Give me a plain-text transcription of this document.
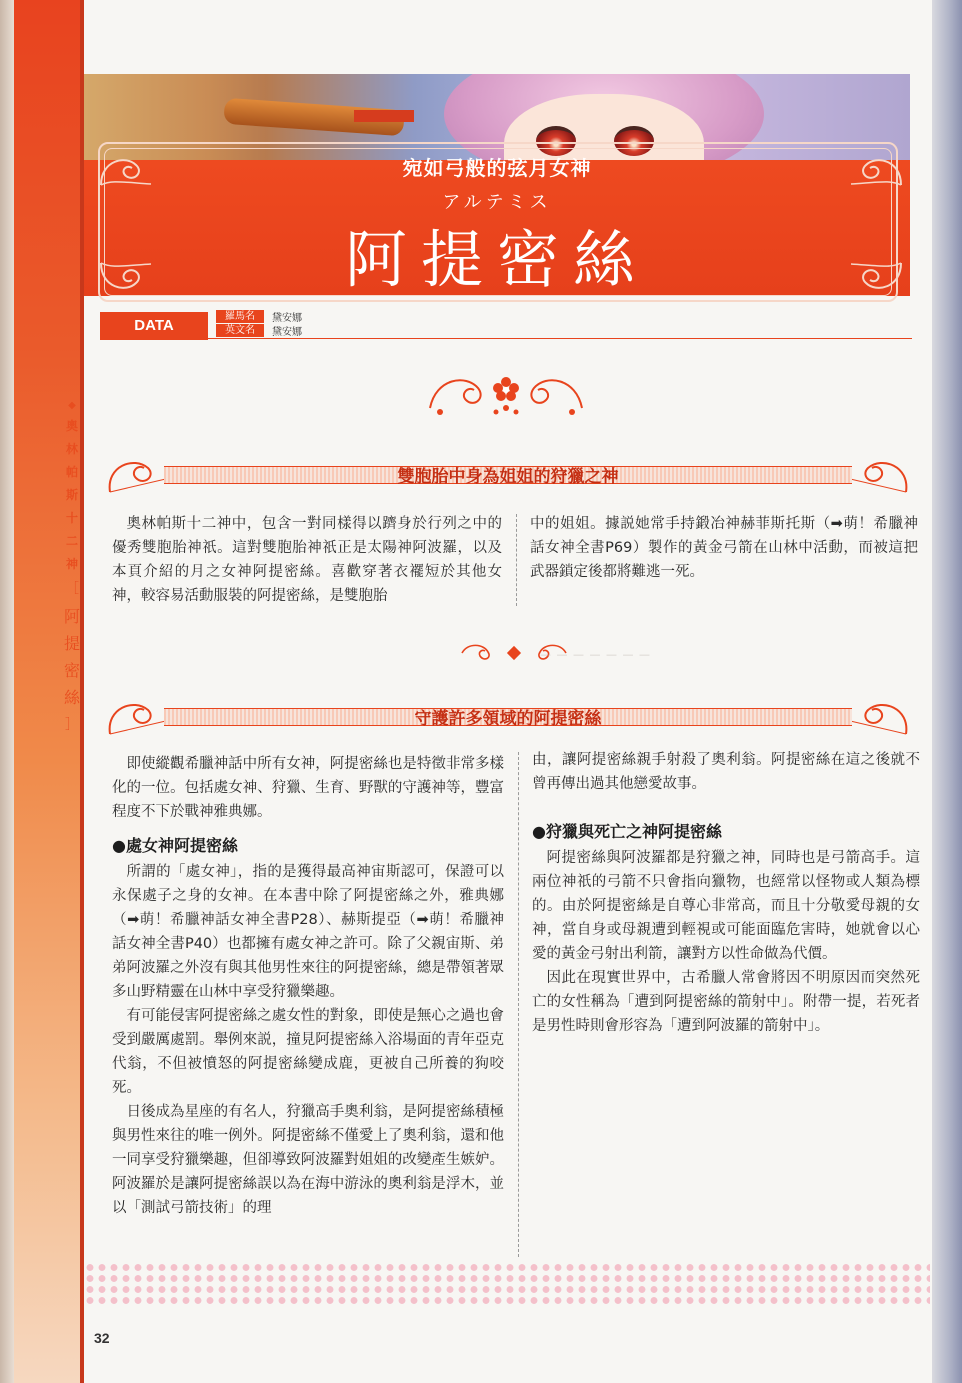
◆
奧
林
帕
斯
十
二
神
［
阿
提
密
絲
］
宛如弓般的弦月女神
アルテミス
阿提密絲
DATA
羅馬名	黛安娜
英文名	黛安娜
雙胞胎中身為姐姐的狩獵之神

奧林帕斯十二神中，包含一對同樣得以躋身於行列之中的優秀雙胞胎神祇。這對雙胞胎神祇正是太陽神阿波羅，以及本頁介紹的月之女神阿提密絲。喜歡穿著衣襬短於其他女神，較容易活動服裝的阿提密絲，是雙胞胎

中的姐姐。據説她常手持鍛冶神赫菲斯托斯（➡萌！希臘神話女神全書P69）製作的黃金弓箭在山林中活動，而被這把武器鎖定後都將難逃一死。

— — — — — — —
守護許多領域的阿提密絲

即使縱觀希臘神話中所有女神，阿提密絲也是特徵非常多樣化的一位。包括處女神、狩獵、生育、野獸的守護神等，豐富程度不下於戰神雅典娜。

●處女神阿提密絲

所謂的「處女神」，指的是獲得最高神宙斯認可，保證可以永保處子之身的女神。在本書中除了阿提密絲之外，雅典娜（➡萌！希臘神話女神全書P28）、赫斯提亞（➡萌！希臘神話女神全書P40）也都擁有處女神之許可。除了父親宙斯、弟弟阿波羅之外沒有與其他男性來往的阿提密絲，總是帶領著眾多山野精靈在山林中享受狩獵樂趣。

有可能侵害阿提密絲之處女性的對象，即使是無心之過也會受到嚴厲處罰。舉例來説，撞見阿提密絲入浴場面的青年亞克代翁，不但被憤怒的阿提密絲變成鹿，更被自己所養的狗咬死。

日後成為星座的有名人，狩獵高手奧利翁，是阿提密絲積極與男性來往的唯一例外。阿提密絲不僅愛上了奧利翁，還和他一同享受狩獵樂趣，但卻導致阿波羅對姐姐的改變產生嫉妒。阿波羅於是讓阿提密絲誤以為在海中游泳的奧利翁是浮木，並以「測試弓箭技術」的理

由，讓阿提密絲親手射殺了奧利翁。阿提密絲在這之後就不曾再傳出過其他戀愛故事。

●狩獵與死亡之神阿提密絲

阿提密絲與阿波羅都是狩獵之神，同時也是弓箭高手。這兩位神祇的弓箭不只會指向獵物，也經常以怪物或人類為標的。由於阿提密絲是自尊心非常高，而且十分敬愛母親的女神，當自身或母親遭到輕視或可能面臨危害時，她就會以心愛的黃金弓射出利箭，讓對方以性命做為代價。

因此在現實世界中，古希臘人常會將因不明原因而突然死亡的女性稱為「遭到阿提密絲的箭射中」。附帶一提，若死者是男性時則會形容為「遭到阿波羅的箭射中」。

32
